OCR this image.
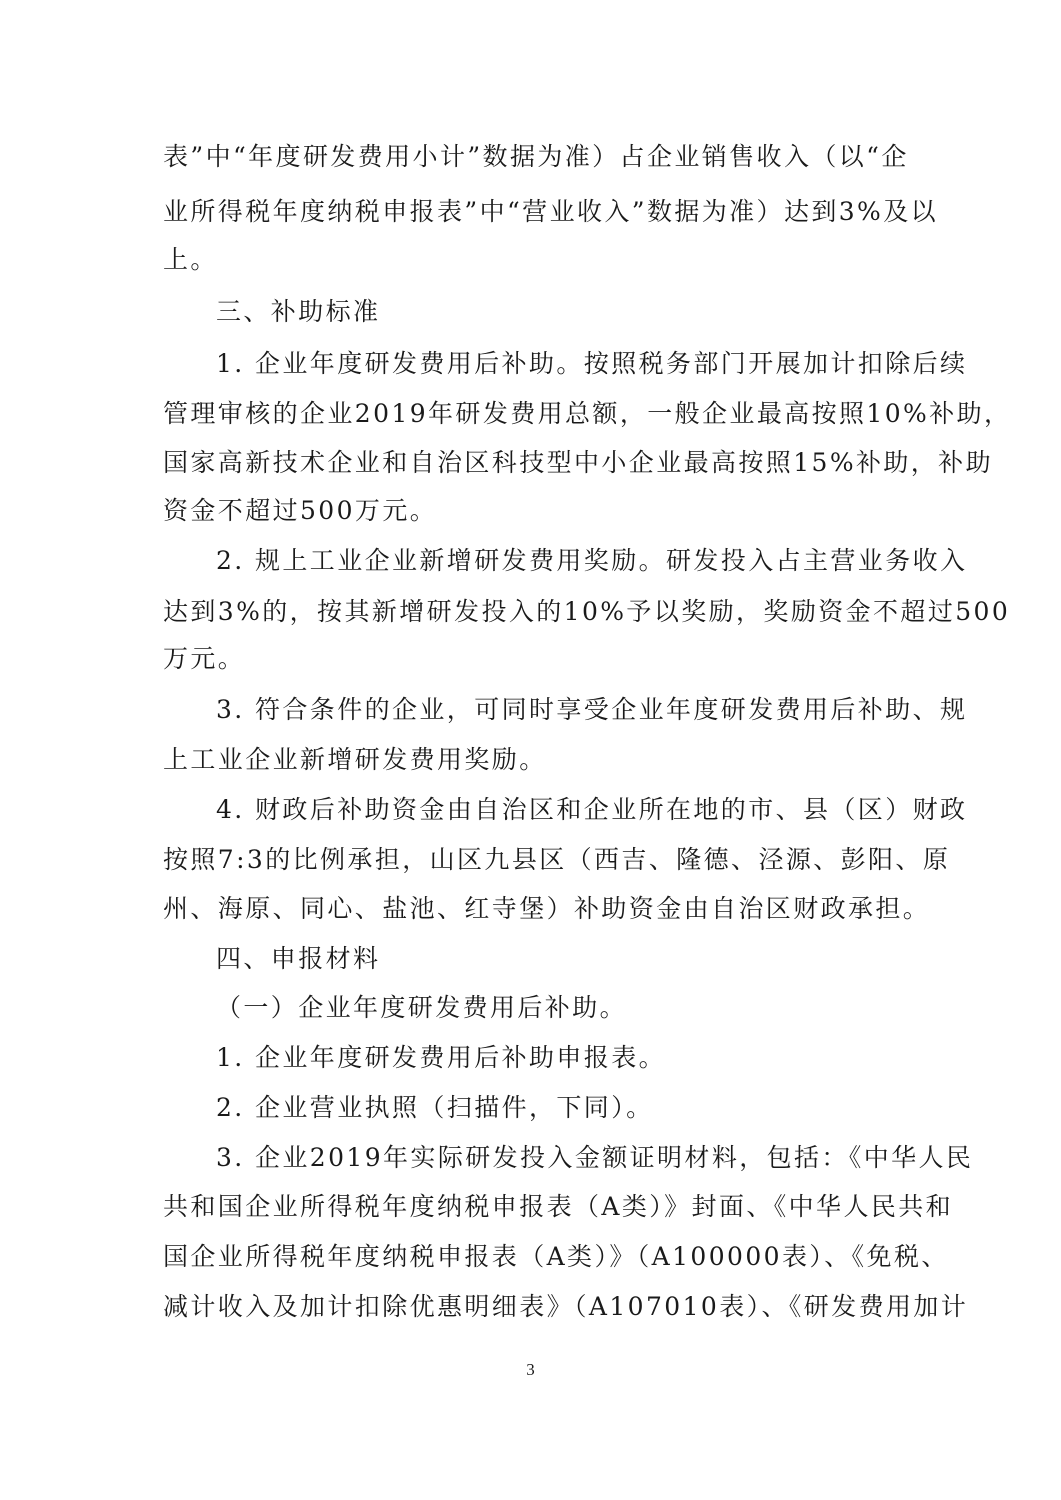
表”中“年度研发费用小计”数据为准）占企业销售收入（以“企
业所得税年度纳税申报表”中“营业收入”数据为准）达到3%及以
上。
三、补助标准
1. 企业年度研发费用后补助。按照税务部门开展加计扣除后续
管理审核的企业2019年研发费用总额，一般企业最高按照10%补助，
国家高新技术企业和自治区科技型中小企业最高按照15%补助，补助
资金不超过500万元。
2. 规上工业企业新增研发费用奖励。研发投入占主营业务收入
达到3%的，按其新增研发投入的10%予以奖励，奖励资金不超过500
万元。
3. 符合条件的企业，可同时享受企业年度研发费用后补助、规
上工业企业新增研发费用奖励。
4. 财政后补助资金由自治区和企业所在地的市、县（区）财政
按照7:3的比例承担，山区九县区（西吉、隆德、泾源、彭阳、原
州、海原、同心、盐池、红寺堡）补助资金由自治区财政承担。
四、申报材料
（一）企业年度研发费用后补助。
1. 企业年度研发费用后补助申报表。
2. 企业营业执照（扫描件，下同）。
3. 企业2019年实际研发投入金额证明材料，包括：《中华人民
共和国企业所得税年度纳税申报表（A类）》封面、《中华人民共和
国企业所得税年度纳税申报表（A类）》（A100000表）、《免税、
减计收入及加计扣除优惠明细表》（A107010表）、《研发费用加计
3
